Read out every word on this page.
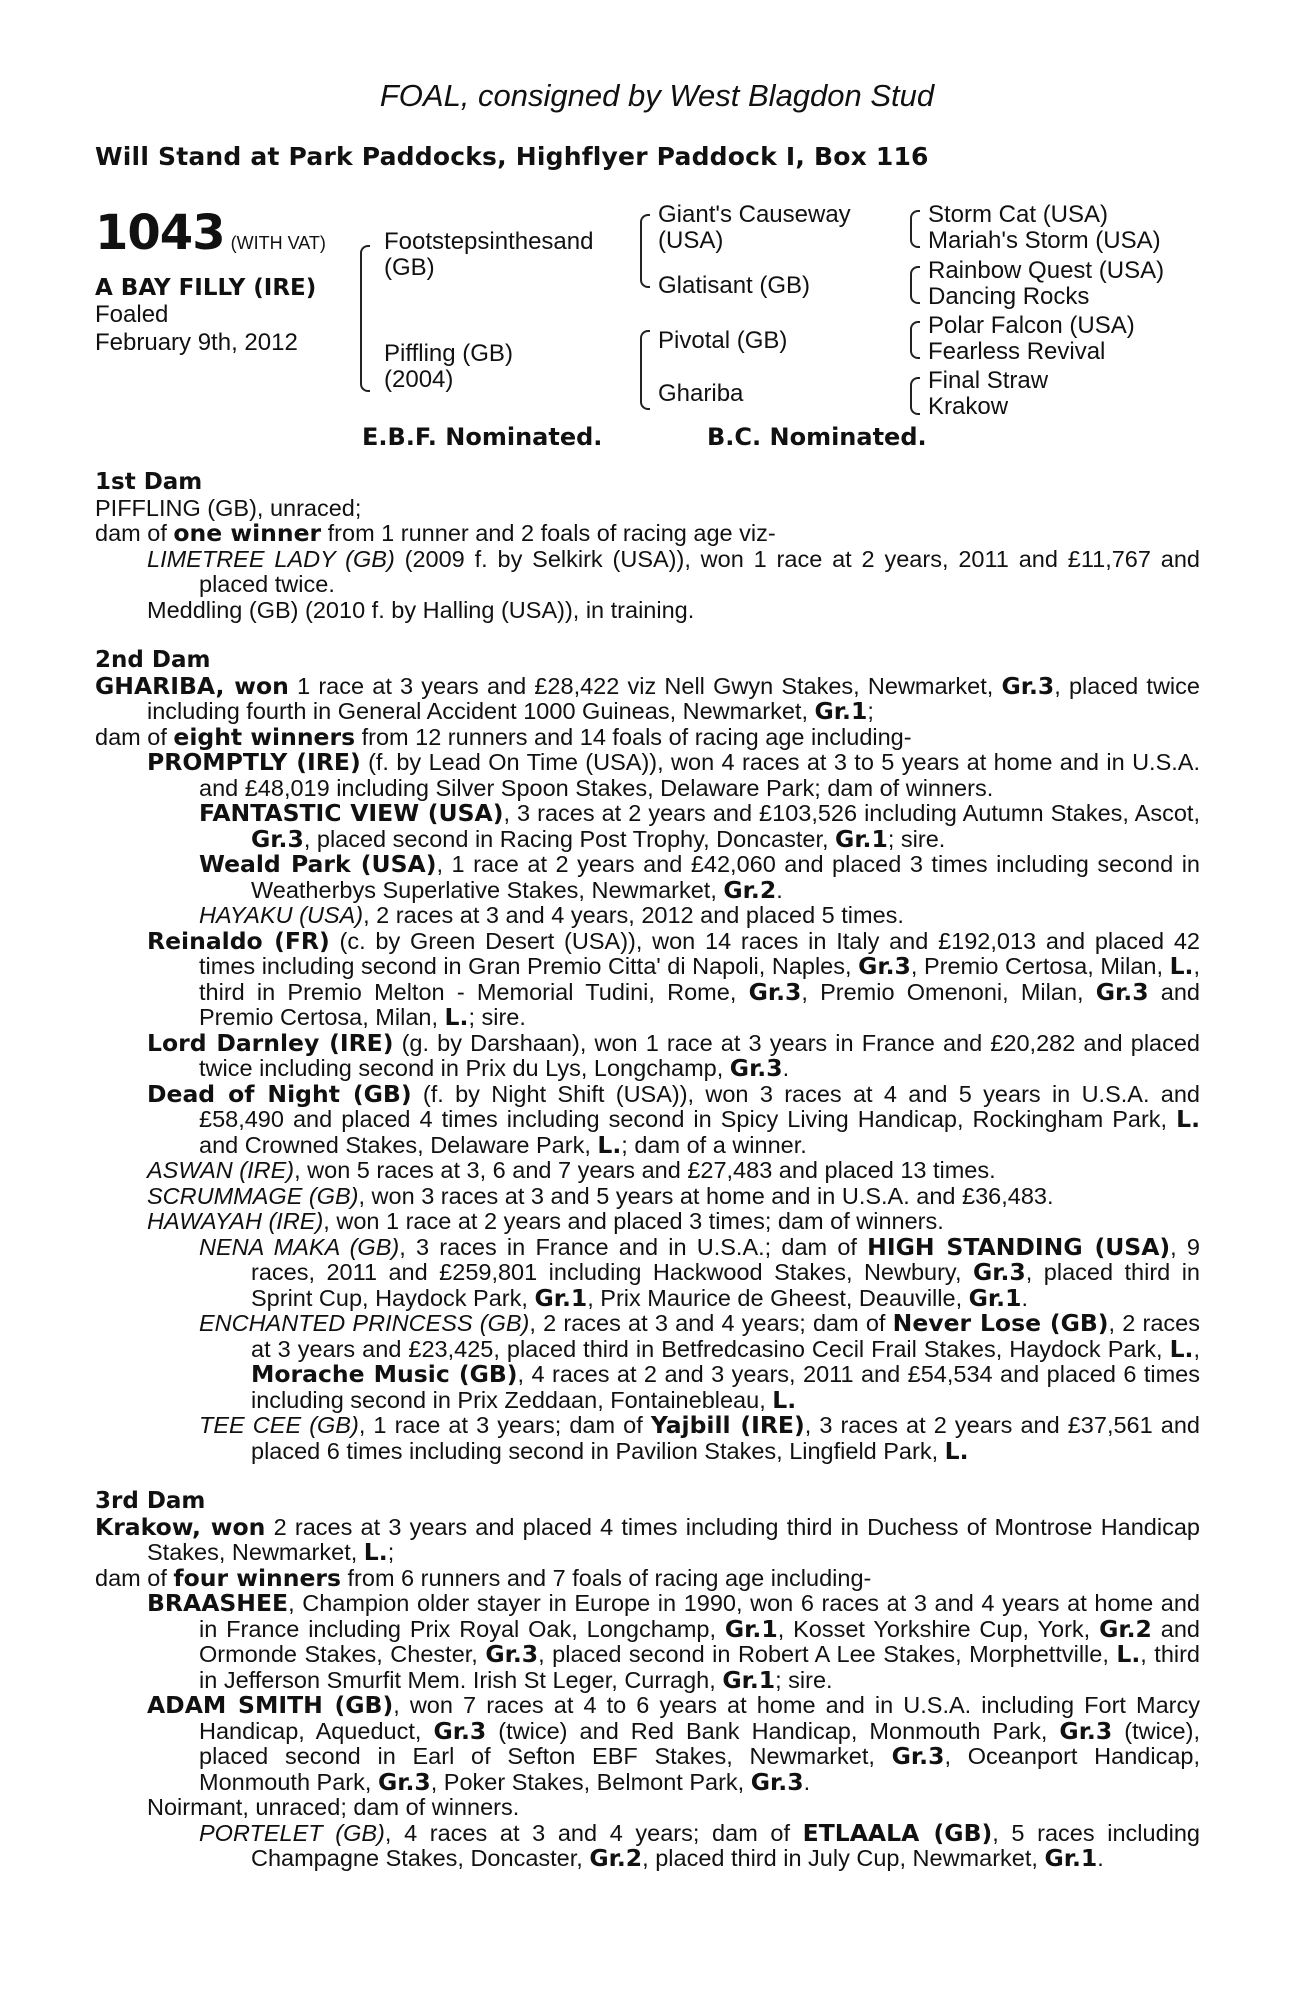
FOAL, consigned by West Blagdon Stud
Will Stand at Park Paddocks, Highflyer Paddock I, Box 116
1043 (WITH VAT)
A BAY FILLY (IRE)
Foaled
February 9th, 2012
Footstepsinthesand
(GB)
Piffling (GB)
(2004)
Giant's Causeway
(USA)
Glatisant (GB)
Pivotal (GB)
Ghariba
Storm Cat (USA)
Mariah's Storm (USA)
Rainbow Quest (USA)
Dancing Rocks
Polar Falcon (USA)
Fearless Revival
Final Straw
Krakow
E.B.F. Nominated.	B.C. Nominated.
1st Dam

PIFFLING (GB), unraced;

dam of one winner from 1 runner and 2 foals of racing age viz-

LIMETREE LADY (GB) (2009 f. by Selkirk (USA)), won 1 race at 2 years, 2011 and £11,767 and placed twice.

Meddling (GB) (2010 f. by Halling (USA)), in training.

2nd Dam

GHARIBA, won 1 race at 3 years and £28,422 viz Nell Gwyn Stakes, Newmarket, Gr.3, placed twice including fourth in General Accident 1000 Guineas, Newmarket, Gr.1;

dam of eight winners from 12 runners and 14 foals of racing age including-

PROMPTLY (IRE) (f. by Lead On Time (USA)), won 4 races at 3 to 5 years at home and in U.S.A. and £48,019 including Silver Spoon Stakes, Delaware Park; dam of winners.

FANTASTIC VIEW (USA), 3 races at 2 years and £103,526 including Autumn Stakes, Ascot, Gr.3, placed second in Racing Post Trophy, Doncaster, Gr.1; sire.

Weald Park (USA), 1 race at 2 years and £42,060 and placed 3 times including second in Weatherbys Superlative Stakes, Newmarket, Gr.2.

HAYAKU (USA), 2 races at 3 and 4 years, 2012 and placed 5 times.

Reinaldo (FR) (c. by Green Desert (USA)), won 14 races in Italy and £192,013 and placed 42 times including second in Gran Premio Citta' di Napoli, Naples, Gr.3, Premio Certosa, Milan, L., third in Premio Melton - Memorial Tudini, Rome, Gr.3, Premio Omenoni, Milan, Gr.3 and Premio Certosa, Milan, L.; sire.

Lord Darnley (IRE) (g. by Darshaan), won 1 race at 3 years in France and £20,282 and placed twice including second in Prix du Lys, Longchamp, Gr.3.

Dead of Night (GB) (f. by Night Shift (USA)), won 3 races at 4 and 5 years in U.S.A. and £58,490 and placed 4 times including second in Spicy Living Handicap, Rockingham Park, L. and Crowned Stakes, Delaware Park, L.; dam of a winner.

ASWAN (IRE), won 5 races at 3, 6 and 7 years and £27,483 and placed 13 times.

SCRUMMAGE (GB), won 3 races at 3 and 5 years at home and in U.S.A. and £36,483.

HAWAYAH (IRE), won 1 race at 2 years and placed 3 times; dam of winners.

NENA MAKA (GB), 3 races in France and in U.S.A.; dam of HIGH STANDING (USA), 9 races, 2011 and £259,801 including Hackwood Stakes, Newbury, Gr.3, placed third in Sprint Cup, Haydock Park, Gr.1, Prix Maurice de Gheest, Deauville, Gr.1.

ENCHANTED PRINCESS (GB), 2 races at 3 and 4 years; dam of Never Lose (GB), 2 races at 3 years and £23,425, placed third in Betfredcasino Cecil Frail Stakes, Haydock Park, L., Morache Music (GB), 4 races at 2 and 3 years, 2011 and £54,534 and placed 6 times including second in Prix Zeddaan, Fontainebleau, L.

TEE CEE (GB), 1 race at 3 years; dam of Yajbill (IRE), 3 races at 2 years and £37,561 and placed 6 times including second in Pavilion Stakes, Lingfield Park, L.

3rd Dam

Krakow, won 2 races at 3 years and placed 4 times including third in Duchess of Montrose Handicap Stakes, Newmarket, L.;

dam of four winners from 6 runners and 7 foals of racing age including-

BRAASHEE, Champion older stayer in Europe in 1990, won 6 races at 3 and 4 years at home and in France including Prix Royal Oak, Longchamp, Gr.1, Kosset Yorkshire Cup, York, Gr.2 and Ormonde Stakes, Chester, Gr.3, placed second in Robert A Lee Stakes, Morphettville, L., third in Jefferson Smurfit Mem. Irish St Leger, Curragh, Gr.1; sire.

ADAM SMITH (GB), won 7 races at 4 to 6 years at home and in U.S.A. including Fort Marcy Handicap, Aqueduct, Gr.3 (twice) and Red Bank Handicap, Monmouth Park, Gr.3 (twice), placed second in Earl of Sefton EBF Stakes, Newmarket, Gr.3, Oceanport Handicap, Monmouth Park, Gr.3, Poker Stakes, Belmont Park, Gr.3.

Noirmant, unraced; dam of winners.

PORTELET (GB), 4 races at 3 and 4 years; dam of ETLAALA (GB), 5 races including Champagne Stakes, Doncaster, Gr.2, placed third in July Cup, Newmarket, Gr.1.
